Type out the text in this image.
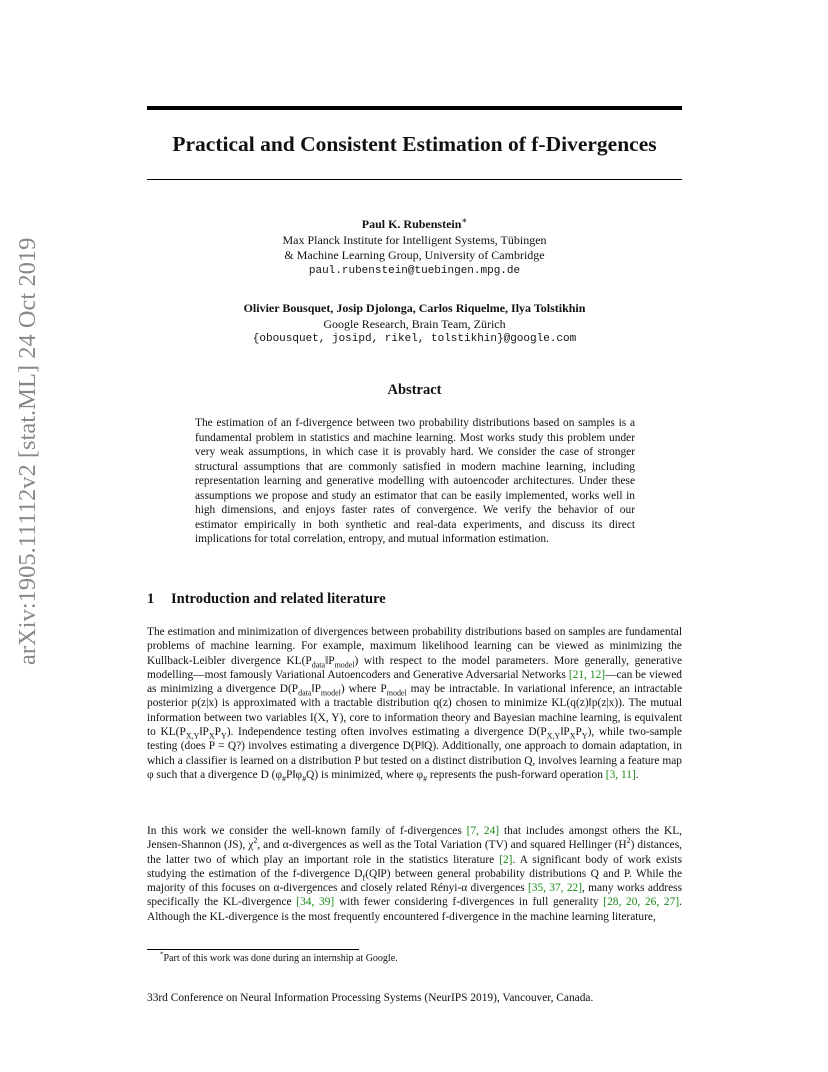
arXiv:1905.11112v2 [stat.ML] 24 Oct 2019
Practical and Consistent Estimation of f-Divergences
Paul K. Rubenstein∗
Max Planck Institute for Intelligent Systems, Tübingen
& Machine Learning Group, University of Cambridge
paul.rubenstein@tuebingen.mpg.de
Olivier Bousquet, Josip Djolonga, Carlos Riquelme, Ilya Tolstikhin
Google Research, Brain Team, Zürich
{obousquet, josipd, rikel, tolstikhin}@google.com
Abstract
The estimation of an f-divergence between two probability distributions based on samples is a fundamental problem in statistics and machine learning. Most works study this problem under very weak assumptions, in which case it is provably hard. We consider the case of stronger structural assumptions that are commonly satisfied in modern machine learning, including representation learning and generative modelling with autoencoder architectures. Under these assumptions we propose and study an estimator that can be easily implemented, works well in high dimensions, and enjoys faster rates of convergence. We verify the behavior of our estimator empirically in both synthetic and real-data experiments, and discuss its direct implications for total correlation, entropy, and mutual information estimation.
1 Introduction and related literature
The estimation and minimization of divergences between probability distributions based on samples are fundamental problems of machine learning. For example, maximum likelihood learning can be viewed as minimizing the Kullback-Leibler divergence $KL(P_{data}‖P_{model})$ with respect to the model parameters. More generally, generative modelling—most famously Variational Autoencoders and Generative Adversarial Networks [21, 12]—can be viewed as minimizing a divergence $D(P_{data}‖P_{model})$ where $P_{model}$ may be intractable. In variational inference, an intractable posterior p(z|x) is approximated with a tractable distribution q(z) chosen to minimize KL(q(z)‖p(z|x)). The mutual information between two variables I(X, Y), core to information theory and Bayesian machine learning, is equivalent to $KL(P_{X,Y}‖P_XP_Y)$. Independence testing often involves estimating a divergence $D(P_{X,Y}‖P_XP_Y)$, while two-sample testing (does P = Q?) involves estimating a divergence D(P‖Q). Additionally, one approach to domain adaptation, in which a classifier is learned on a distribution P but tested on a distinct distribution Q, involves learning a feature map φ such that a divergence D $(\varphi_{\#}P‖\varphi_{\#}Q)$ is minimized, where $\varphi_{\#}$ represents the push-forward operation [3, 11].
In this work we consider the well-known family of f-divergences [7, 24] that includes amongst others the KL, Jensen-Shannon (JS), $\chi^2$, and α-divergences as well as the Total Variation (TV) and squared Hellinger $(H^2)$ distances, the latter two of which play an important role in the statistics literature [2]. A significant body of work exists studying the estimation of the f-divergence $D_f(Q‖P)$ between general probability distributions Q and P. While the majority of this focuses on α-divergences and closely related Rényi-α divergences [35, 37, 22], many works address specifically the KL-divergence [34, 39] with fewer considering f-divergences in full generality [28, 20, 26, 27]. Although the KL-divergence is the most frequently encountered f-divergence in the machine learning literature,
*Part of this work was done during an internship at Google.
33rd Conference on Neural Information Processing Systems (NeurIPS 2019), Vancouver, Canada.
